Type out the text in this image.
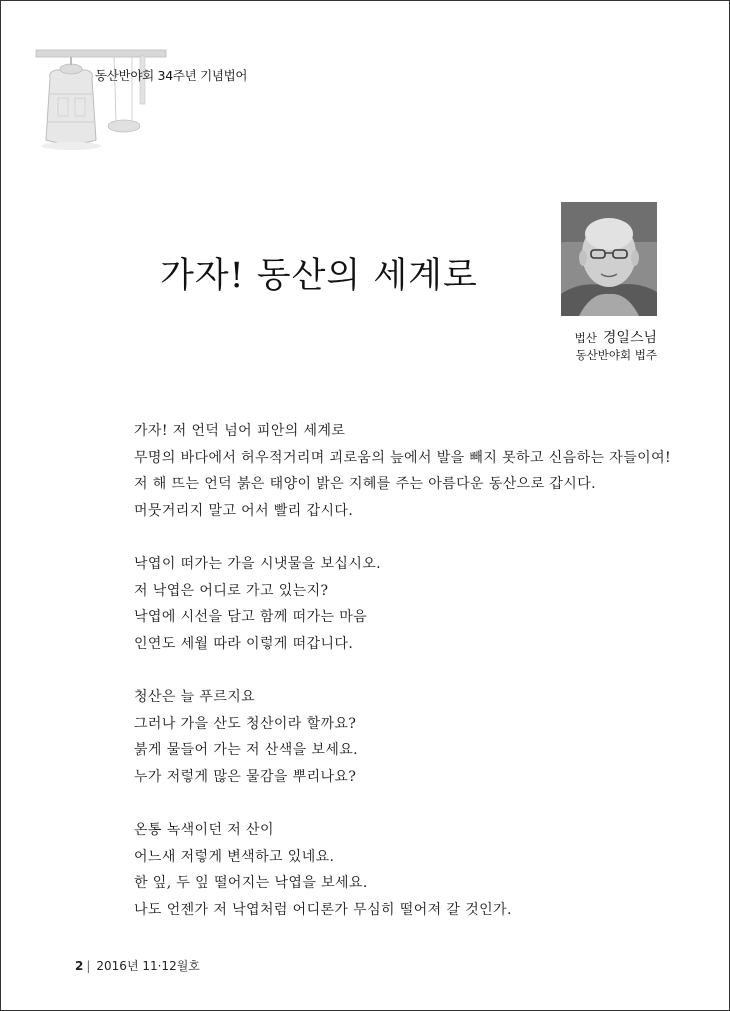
동산반야회 34주년 기념법어
가자! 동산의 세계로
법산 경일스님
동산반야회 법주
가자! 저 언덕 넘어 피안의 세계로
무명의 바다에서 허우적거리며 괴로움의 늪에서 발을 빼지 못하고 신음하는 자들이여!
저 해 뜨는 언덕 붉은 태양이 밝은 지혜를 주는 아름다운 동산으로 갑시다.
머뭇거리지 말고 어서 빨리 갑시다.
낙엽이 떠가는 가을 시냇물을 보십시오.
저 낙엽은 어디로 가고 있는지?
낙엽에 시선을 담고 함께 떠가는 마음
인연도 세월 따라 이렇게 떠갑니다.
청산은 늘 푸르지요
그러나 가을 산도 청산이라 할까요?
붉게 물들어 가는 저 산색을 보세요.
누가 저렇게 많은 물감을 뿌리나요?
온통 녹색이던 저 산이
어느새 저렇게 변색하고 있네요.
한 잎, 두 잎 떨어지는 낙엽을 보세요.
나도 언젠가 저 낙엽처럼 어디론가 무심히 떨어져 갈 것인가.
2 | 2016년 11·12월호
